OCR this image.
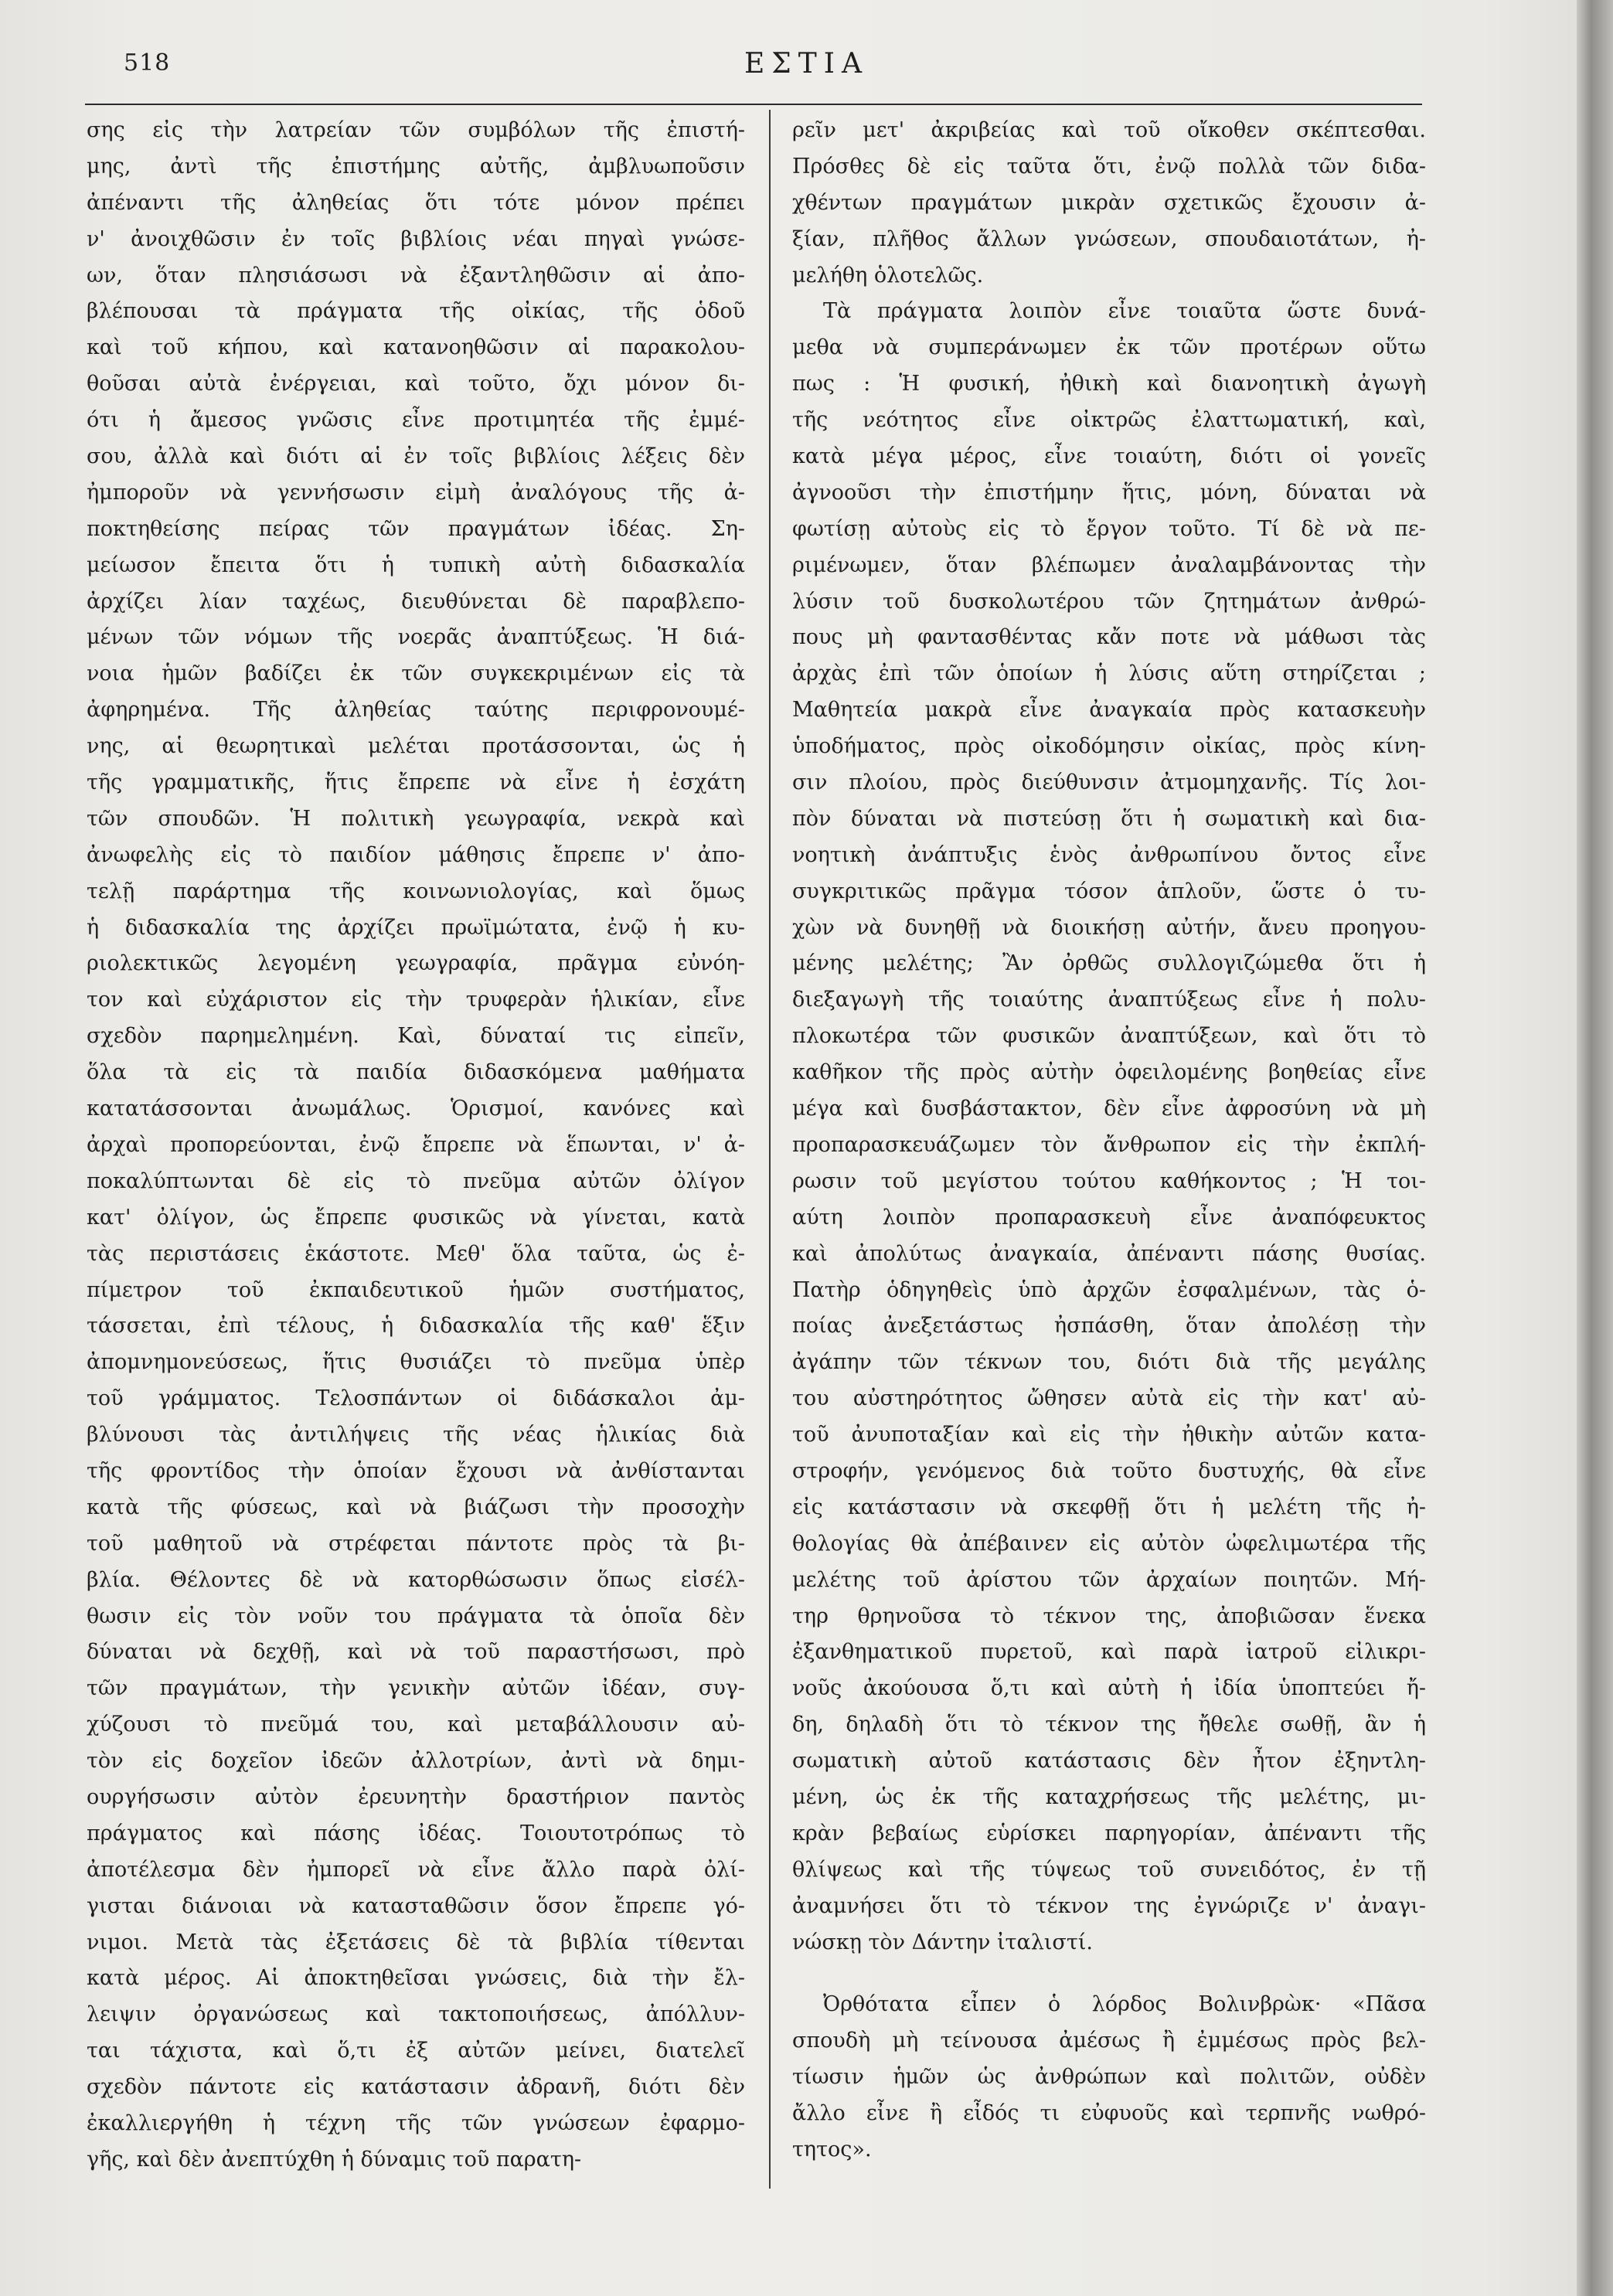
518	ΕΣΤΙΑ
σης εἰς τὴν λατρείαν τῶν συμβόλων τῆς ἐπιστή-
μης, ἀντὶ τῆς ἐπιστήμης αὐτῆς, ἀμβλυωποῦσιν
ἀπέναντι τῆς ἀληθείας ὅτι τότε μόνον πρέπει
ν' ἀνοιχθῶσιν ἐν τοῖς βιβλίοις νέαι πηγαὶ γνώσε-
ων, ὅταν πλησιάσωσι νὰ ἐξαντληθῶσιν αἱ ἀπο-
βλέπουσαι τὰ πράγματα τῆς οἰκίας, τῆς ὁδοῦ
καὶ τοῦ κήπου, καὶ κατανοηθῶσιν αἱ παρακολου-
θοῦσαι αὐτὰ ἐνέργειαι, καὶ τοῦτο, ὄχι μόνον δι-
ότι ἡ ἄμεσος γνῶσις εἶνε προτιμητέα τῆς ἐμμέ-
σου, ἀλλὰ καὶ διότι αἱ ἐν τοῖς βιβλίοις λέξεις δὲν
ἠμποροῦν νὰ γεννήσωσιν εἰμὴ ἀναλόγους τῆς ἀ-
ποκτηθείσης πείρας τῶν πραγμάτων ἰδέας. Ση-
μείωσον ἔπειτα ὅτι ἡ τυπικὴ αὐτὴ διδασκαλία
ἀρχίζει λίαν ταχέως, διευθύνεται δὲ παραβλεπο-
μένων τῶν νόμων τῆς νοερᾶς ἀναπτύξεως. Ἡ διά-
νοια ἡμῶν βαδίζει ἐκ τῶν συγκεκριμένων εἰς τὰ
ἀφηρημένα. Τῆς ἀληθείας ταύτης περιφρονουμέ-
νης, αἱ θεωρητικαὶ μελέται προτάσσονται, ὡς ἡ
τῆς γραμματικῆς, ἥτις ἔπρεπε νὰ εἶνε ἡ ἐσχάτη
τῶν σπουδῶν. Ἡ πολιτικὴ γεωγραφία, νεκρὰ καὶ
ἀνωφελὴς εἰς τὸ παιδίον μάθησις ἔπρεπε ν' ἀπο-
τελῇ παράρτημα τῆς κοινωνιολογίας, καὶ ὅμως
ἡ διδασκαλία της ἀρχίζει πρωϊμώτατα, ἐνῷ ἡ κυ-
ριολεκτικῶς λεγομένη γεωγραφία, πρᾶγμα εὐνόη-
τον καὶ εὐχάριστον εἰς τὴν τρυφερὰν ἡλικίαν, εἶνε
σχεδὸν παρημελημένη. Καὶ, δύναταί τις εἰπεῖν,
ὅλα τὰ εἰς τὰ παιδία διδασκόμενα μαθήματα
κατατάσσονται ἀνωμάλως. Ὁρισμοί, κανόνες καὶ
ἀρχαὶ προπορεύονται, ἐνῷ ἔπρεπε νὰ ἕπωνται, ν' ἀ-
ποκαλύπτωνται δὲ εἰς τὸ πνεῦμα αὐτῶν ὀλίγον
κατ' ὀλίγον, ὡς ἔπρεπε φυσικῶς νὰ γίνεται, κατὰ
τὰς περιστάσεις ἑκάστοτε. Μεθ' ὅλα ταῦτα, ὡς ἐ-
πίμετρον τοῦ ἐκπαιδευτικοῦ ἡμῶν συστήματος,
τάσσεται, ἐπὶ τέλους, ἡ διδασκαλία τῆς καθ' ἕξιν
ἀπομνημονεύσεως, ἥτις θυσιάζει τὸ πνεῦμα ὑπὲρ
τοῦ γράμματος. Τελοσπάντων οἱ διδάσκαλοι ἀμ-
βλύνουσι τὰς ἀντιλήψεις τῆς νέας ἡλικίας διὰ
τῆς φροντίδος τὴν ὁποίαν ἔχουσι νὰ ἀνθίστανται
κατὰ τῆς φύσεως, καὶ νὰ βιάζωσι τὴν προσοχὴν
τοῦ μαθητοῦ νὰ στρέφεται πάντοτε πρὸς τὰ βι-
βλία. Θέλοντες δὲ νὰ κατορθώσωσιν ὅπως εἰσέλ-
θωσιν εἰς τὸν νοῦν του πράγματα τὰ ὁποῖα δὲν
δύναται νὰ δεχθῇ, καὶ νὰ τοῦ παραστήσωσι, πρὸ
τῶν πραγμάτων, τὴν γενικὴν αὐτῶν ἰδέαν, συγ-
χύζουσι τὸ πνεῦμά του, καὶ μεταβάλλουσιν αὐ-
τὸν εἰς δοχεῖον ἰδεῶν ἀλλοτρίων, ἀντὶ νὰ δημι-
ουργήσωσιν αὐτὸν ἐρευνητὴν δραστήριον παντὸς
πράγματος καὶ πάσης ἰδέας. Τοιουτοτρόπως τὸ
ἀποτέλεσμα δὲν ἠμπορεῖ νὰ εἶνε ἄλλο παρὰ ὀλί-
γισται διάνοιαι νὰ κατασταθῶσιν ὅσον ἔπρεπε γό-
νιμοι. Μετὰ τὰς ἐξετάσεις δὲ τὰ βιβλία τίθενται
κατὰ μέρος. Αἱ ἀποκτηθεῖσαι γνώσεις, διὰ τὴν ἔλ-
λειψιν ὀργανώσεως καὶ τακτοποιήσεως, ἀπόλλυν-
ται τάχιστα, καὶ ὅ,τι ἐξ αὐτῶν μείνει, διατελεῖ
σχεδὸν πάντοτε εἰς κατάστασιν ἀδρανῆ, διότι δὲν
ἐκαλλιεργήθη ἡ τέχνη τῆς τῶν γνώσεων ἐφαρμο-
γῆς, καὶ δὲν ἀνεπτύχθη ἡ δύναμις τοῦ παρατη-
ρεῖν μετ' ἀκριβείας καὶ τοῦ οἴκοθεν σκέπτεσθαι.
Πρόσθες δὲ εἰς ταῦτα ὅτι, ἐνῷ πολλὰ τῶν διδα-
χθέντων πραγμάτων μικρὰν σχετικῶς ἔχουσιν ἀ-
ξίαν, πλῆθος ἄλλων γνώσεων, σπουδαιοτάτων, ἠ-
μελήθη ὁλοτελῶς.
Τὰ πράγματα λοιπὸν εἶνε τοιαῦτα ὥστε δυνά-
μεθα νὰ συμπεράνωμεν ἐκ τῶν προτέρων οὕτω
πως : Ἡ φυσική, ἠθικὴ καὶ διανοητικὴ ἀγωγὴ
τῆς νεότητος εἶνε οἰκτρῶς ἐλαττωματική, καὶ,
κατὰ μέγα μέρος, εἶνε τοιαύτη, διότι οἱ γονεῖς
ἀγνοοῦσι τὴν ἐπιστήμην ἥτις, μόνη, δύναται νὰ
φωτίσῃ αὐτοὺς εἰς τὸ ἔργον τοῦτο. Τί δὲ νὰ πε-
ριμένωμεν, ὅταν βλέπωμεν ἀναλαμβάνοντας τὴν
λύσιν τοῦ δυσκολωτέρου τῶν ζητημάτων ἀνθρώ-
πους μὴ φαντασθέντας κἄν ποτε νὰ μάθωσι τὰς
ἀρχὰς ἐπὶ τῶν ὁποίων ἡ λύσις αὕτη στηρίζεται ;
Μαθητεία μακρὰ εἶνε ἀναγκαία πρὸς κατασκευὴν
ὑποδήματος, πρὸς οἰκοδόμησιν οἰκίας, πρὸς κίνη-
σιν πλοίου, πρὸς διεύθυνσιν ἀτμομηχανῆς. Τίς λοι-
πὸν δύναται νὰ πιστεύσῃ ὅτι ἡ σωματικὴ καὶ δια-
νοητικὴ ἀνάπτυξις ἑνὸς ἀνθρωπίνου ὄντος εἶνε
συγκριτικῶς πρᾶγμα τόσον ἁπλοῦν, ὥστε ὁ τυ-
χὼν νὰ δυνηθῇ νὰ διοικήσῃ αὐτήν, ἄνευ προηγου-
μένης μελέτης; Ἂν ὀρθῶς συλλογιζώμεθα ὅτι ἡ
διεξαγωγὴ τῆς τοιαύτης ἀναπτύξεως εἶνε ἡ πολυ-
πλοκωτέρα τῶν φυσικῶν ἀναπτύξεων, καὶ ὅτι τὸ
καθῆκον τῆς πρὸς αὐτὴν ὀφειλομένης βοηθείας εἶνε
μέγα καὶ δυσβάστακτον, δὲν εἶνε ἀφροσύνη νὰ μὴ
προπαρασκευάζωμεν τὸν ἄνθρωπον εἰς τὴν ἐκπλή-
ρωσιν τοῦ μεγίστου τούτου καθήκοντος ; Ἡ τοι-
αύτη λοιπὸν προπαρασκευὴ εἶνε ἀναπόφευκτος
καὶ ἀπολύτως ἀναγκαία, ἀπέναντι πάσης θυσίας.
Πατὴρ ὁδηγηθεὶς ὑπὸ ἀρχῶν ἐσφαλμένων, τὰς ὁ-
ποίας ἀνεξετάστως ἠσπάσθη, ὅταν ἀπολέσῃ τὴν
ἀγάπην τῶν τέκνων του, διότι διὰ τῆς μεγάλης
του αὐστηρότητος ὤθησεν αὐτὰ εἰς τὴν κατ' αὐ-
τοῦ ἀνυποταξίαν καὶ εἰς τὴν ἠθικὴν αὐτῶν κατα-
στροφήν, γενόμενος διὰ τοῦτο δυστυχής, θὰ εἶνε
εἰς κατάστασιν νὰ σκεφθῇ ὅτι ἡ μελέτη τῆς ἠ-
θολογίας θὰ ἀπέβαινεν εἰς αὐτὸν ὠφελιμωτέρα τῆς
μελέτης τοῦ ἀρίστου τῶν ἀρχαίων ποιητῶν. Μή-
τηρ θρηνοῦσα τὸ τέκνον της, ἀποβιῶσαν ἕνεκα
ἐξανθηματικοῦ πυρετοῦ, καὶ παρὰ ἰατροῦ εἰλικρι-
νοῦς ἀκούουσα ὅ,τι καὶ αὐτὴ ἡ ἰδία ὑποπτεύει ἤ-
δη, δηλαδὴ ὅτι τὸ τέκνον της ἤθελε σωθῇ, ἂν ἡ
σωματικὴ αὐτοῦ κατάστασις δὲν ἦτον ἐξηντλη-
μένη, ὡς ἐκ τῆς καταχρήσεως τῆς μελέτης, μι-
κρὰν βεβαίως εὑρίσκει παρηγορίαν, ἀπέναντι τῆς
θλίψεως καὶ τῆς τύψεως τοῦ συνειδότος, ἐν τῇ
ἀναμνήσει ὅτι τὸ τέκνον της ἐγνώριζε ν' ἀναγι-
νώσκῃ τὸν Δάντην ἰταλιστί.
Ὀρθότατα εἶπεν ὁ λόρδος Βολινβρὼκ· «Πᾶσα
σπουδὴ μὴ τείνουσα ἀμέσως ἢ ἐμμέσως πρὸς βελ-
τίωσιν ἡμῶν ὡς ἀνθρώπων καὶ πολιτῶν, οὐδὲν
ἄλλο εἶνε ἢ εἶδός τι εὐφυοῦς καὶ τερπνῆς νωθρό-
τητος».
